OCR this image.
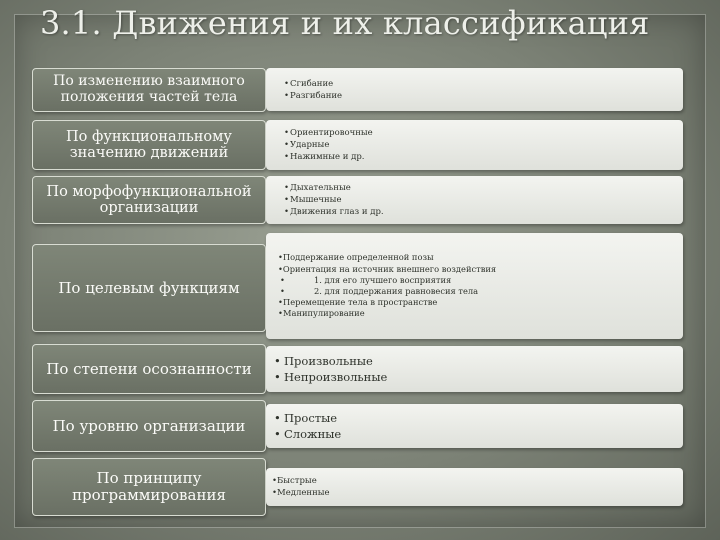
3.1. Движения и их классификация
По изменению взаимного положения частей тела
• Сгибание
• Разгибание
По функциональному значению движений
• Ориентировочные
• Ударные
• Нажимные и др.
По морфофункциональной организации
• Дыхательные
• Мышечные
• Движения глаз и др.
По целевым функциям
•Поддержание определенной позы
•Ориентация на источник внешнего воздействия
• 1. для его лучшего восприятия
• 2. для поддержания равновесия тела
• Перемещение тела в пространстве
• Манипулирование
По степени осознанности	• Произвольные
• Непроизвольные
По уровню организации	• Простые
• Сложные
По принципу программирования
•Быстрые
•Медленные
